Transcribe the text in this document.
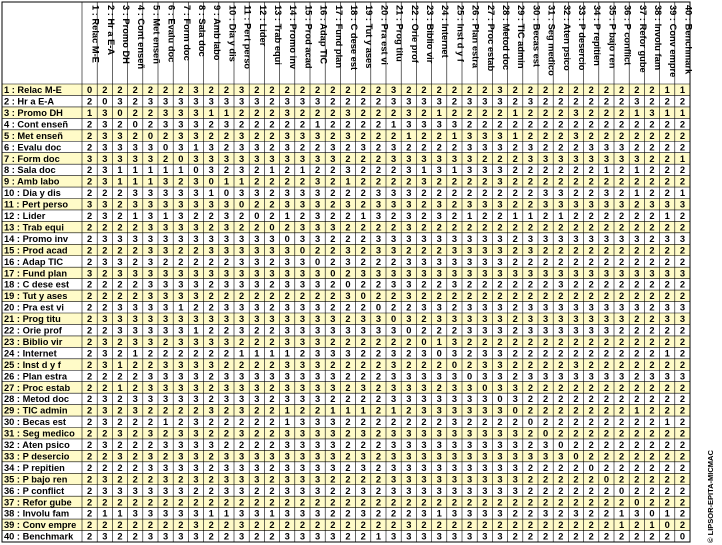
1 : Relac M-E 2 : Hr a E-A 3 : Promo DH 4 : Cont enseñ 5 : Met enseñ 6 : Evalu doc 7 : Form doc 8 : Sala doc 9 : Amb labo 10 : Dia y dis 11 : Pert perso 12 : Lider 13 : Trab equi 14 : Promo inv 15 : Prod acad 16 : Adap TIC 17 : Fund plan 18 : C dese est 19 : Tut y ases 20 : Pra est vi 21 : Prog titu 22 : Orie prof 23 : Biblio vir 24 : Internet 25 : Inst d y f 26 : Plan estra 27 : Proc estab 28 : Metod doc 29 : TIC admin 30 : Becas est 31 : Seg medico 32 : Aten psico 33 : P desercio 34 : P repitien 35 : P bajo ren 36 : P conflict 37 : Refor gube 38 : Involu fam 39 : Conv empre 40 : Benchmark
1 : Relac M-E
2 : Hr a E-A
3 : Promo DH
4 : Cont enseñ
5 : Met enseñ
6 : Evalu doc
7 : Form doc
8 : Sala doc
9 : Amb labo
10 : Dia y dis
11 : Pert perso
12 : Lider
13 : Trab equi
14 : Promo inv
15 : Prod acad
16 : Adap TIC
17 : Fund plan
18 : C dese est
19 : Tut y ases
20 : Pra est vi
21 : Prog titu
22 : Orie prof
23 : Biblio vir
24 : Internet
25 : Inst d y f
26 : Plan estra
27 : Proc estab
28 : Metod doc
29 : TIC admin
30 : Becas est
31 : Seg medico
32 : Aten psico
33 : P desercio
34 : P repitien
35 : P bajo ren
36 : P conflict
37 : Refor gube
38 : Involu fam
39 : Conv empre
40 : Benchmark
0 2 2 2 2 2 2 3 2 2 3 2 2 2 2 2 2 2 2 2 3 2 2 2 2 2 2 3 2 2 2 2 2 2 2 2 2 2 1 1
2 0 3 2 3 3 3 3 3 3 3 3 2 3 3 3 2 2 2 2 3 3 3 3 2 3 3 3 2 3 2 2 2 2 2 2 3 2 2 2
1 3 0 2 2 3 3 3 1 1 2 2 2 3 2 2 2 3 2 2 2 3 2 1 2 2 2 2 1 2 2 2 3 2 2 2 1 3 1 1
2 3 2 0 2 3 3 3 2 3 2 2 2 2 2 1 2 2 2 2 1 3 3 3 3 2 2 2 2 2 2 2 2 2 2 2 2 2 2 2
2 3 3 2 0 2 3 3 2 2 3 2 2 3 3 3 2 3 2 2 2 1 2 2 1 3 3 3 1 2 2 2 3 2 2 2 2 2 2 2
2 3 3 3 3 0 3 1 3 2 3 3 2 3 2 2 3 2 3 2 3 2 2 2 2 3 3 3 2 3 2 2 2 3 3 3 2 2 2 2
3 3 3 3 3 2 0 3 3 3 3 3 3 3 3 3 3 2 2 2 3 3 3 3 3 3 2 2 2 3 3 3 3 3 3 3 3 2 2 1
2 3 1 1 1 1 1 0 3 2 3 2 1 2 1 2 2 3 2 2 2 3 1 3 1 3 3 3 2 2 2 2 2 2 1 2 1 2 2 2
2 3 1 1 1 3 2 3 0 1 1 2 2 2 2 3 2 1 2 2 2 2 3 2 2 2 2 3 2 2 2 2 2 2 2 2 2 2 2 2
2 2 2 3 3 3 3 3 1 0 3 3 2 3 3 3 2 2 2 3 3 3 2 2 2 2 2 2 2 2 3 3 2 2 3 2 1 2 2 1
3 3 2 3 3 3 3 3 3 3 0 2 2 3 3 3 2 3 2 3 3 3 2 3 2 3 3 3 2 2 3 3 3 3 3 3 2 3 3 3
2 3 2 1 3 1 3 2 2 3 2 0 2 1 2 3 2 2 1 3 2 3 2 3 2 1 2 2 1 1 2 1 2 2 2 2 2 2 1 2
2 2 2 2 3 3 3 3 2 3 2 2 0 2 3 3 3 2 2 2 2 3 2 2 2 2 2 2 2 2 2 2 2 2 2 2 2 2 2 2
2 3 3 3 3 3 3 3 3 3 3 3 3 0 3 3 2 2 2 3 3 3 3 3 3 3 3 3 2 3 3 3 3 3 3 3 3 2 3 3
2 2 2 2 3 3 2 2 3 3 3 3 3 3 0 2 2 3 2 3 3 2 2 2 3 3 3 3 2 3 2 2 2 2 2 2 2 2 2 2
2 3 3 2 3 2 2 2 2 2 3 3 2 3 3 0 2 3 2 2 2 3 3 3 3 3 3 3 2 2 2 2 2 2 2 2 2 2 2 2
3 2 3 3 3 3 3 3 3 3 3 3 3 3 3 3 0 2 3 3 3 3 3 3 3 3 3 3 3 3 3 3 3 3 3 3 3 3 3 3
2 2 2 2 3 3 3 3 2 3 3 3 2 3 3 3 2 0 2 2 3 3 2 2 3 2 2 2 2 2 2 3 2 2 2 2 2 2 2 2
2 2 2 2 3 3 3 3 2 2 2 2 2 2 2 2 2 3 0 2 2 3 2 2 2 2 2 2 2 2 2 2 2 2 2 2 2 2 2 2
2 2 3 3 3 3 1 2 2 3 3 3 2 3 3 3 2 2 2 0 2 2 3 3 2 3 3 3 2 3 3 3 3 3 3 3 3 2 3 3
2 3 3 3 3 3 3 3 3 3 3 3 3 3 3 3 3 2 3 3 0 3 2 3 3 3 3 3 2 3 3 3 3 3 3 3 2 2 3 3
2 2 3 3 3 3 3 1 2 2 3 2 2 3 3 3 3 3 3 3 3 0 2 2 2 3 3 3 2 3 3 3 3 3 3 2 2 2 2 2
2 3 2 3 3 2 3 3 3 3 2 2 2 3 3 3 2 2 2 2 2 2 0 1 3 2 2 2 2 2 2 2 2 2 2 2 2 2 2 2
2 3 2 1 2 2 2 2 2 2 1 1 1 1 2 3 3 3 2 2 3 2 3 0 3 2 3 3 2 2 2 2 2 2 2 2 2 2 1 2
2 3 1 2 2 3 3 3 3 2 2 2 2 3 3 3 2 2 2 2 3 2 2 2 0 2 3 3 2 2 2 2 3 2 2 2 2 2 2 2
2 2 2 2 3 3 3 3 2 3 3 3 3 3 3 3 3 2 2 2 3 3 3 3 3 0 3 3 2 3 3 3 3 3 3 3 2 3 3 3
2 2 1 2 3 3 3 3 2 3 3 3 2 3 3 3 3 2 3 2 3 3 3 2 3 3 0 3 3 2 2 2 2 2 2 2 2 2 2 2
2 3 2 3 3 3 3 3 2 3 3 3 2 3 3 3 2 2 2 2 3 3 3 3 3 3 3 0 3 2 2 2 2 2 2 2 2 2 2 2
2 3 2 3 2 2 2 2 3 2 3 2 2 1 2 2 1 1 1 2 1 2 3 3 3 3 3 3 0 2 2 2 2 2 2 2 1 2 2 2
2 3 2 2 2 1 2 3 2 2 2 2 2 1 3 3 3 2 2 2 2 2 2 2 3 2 2 2 2 0 2 2 2 2 2 2 2 2 1 2
2 2 3 2 3 2 3 3 2 2 3 2 2 3 3 3 3 2 3 2 3 3 3 3 3 3 3 3 3 2 0 2 2 2 2 2 2 2 2 2
2 3 2 2 2 3 3 3 3 2 2 2 2 3 3 3 3 2 2 2 3 3 3 3 3 3 3 3 3 2 3 0 2 2 2 2 2 2 2 2
2 2 3 2 3 2 3 3 2 3 3 3 3 3 3 3 3 2 3 2 3 3 3 3 3 3 3 3 3 3 3 3 0 2 2 2 2 2 2 2
2 2 2 2 3 3 3 3 2 3 3 3 2 3 3 3 3 2 3 2 3 3 3 3 3 3 3 3 3 2 2 2 2 0 2 2 2 2 2 2
2 3 2 2 2 3 2 3 2 3 3 3 2 3 3 3 2 2 2 2 3 3 3 3 3 3 3 3 3 2 2 2 2 2 0 2 2 2 2 2
2 3 3 3 3 3 3 2 2 3 3 2 2 3 3 3 2 2 3 2 3 3 3 3 3 3 3 3 3 2 2 2 2 2 2 0 2 2 2 2
2 2 2 2 2 2 2 2 2 2 2 2 2 2 2 2 2 2 2 2 2 2 2 2 2 2 2 2 2 2 2 2 2 2 2 2 0 2 2 2
2 1 1 3 3 3 3 3 1 1 3 3 1 3 3 3 2 2 3 2 2 2 3 1 3 3 3 3 2 2 3 2 3 2 2 1 3 0 1 2
2 2 2 2 2 2 2 3 2 2 3 2 2 2 2 2 2 2 2 2 2 3 2 2 2 2 2 2 2 2 2 2 2 2 2 1 2 1 0 2
2 3 2 2 3 3 3 3 2 2 3 2 2 3 3 3 3 2 2 1 3 3 3 3 3 3 3 3 2 2 2 2 2 2 2 2 2 2 2 0	© LIPSOR-EPITA-MICMAC
